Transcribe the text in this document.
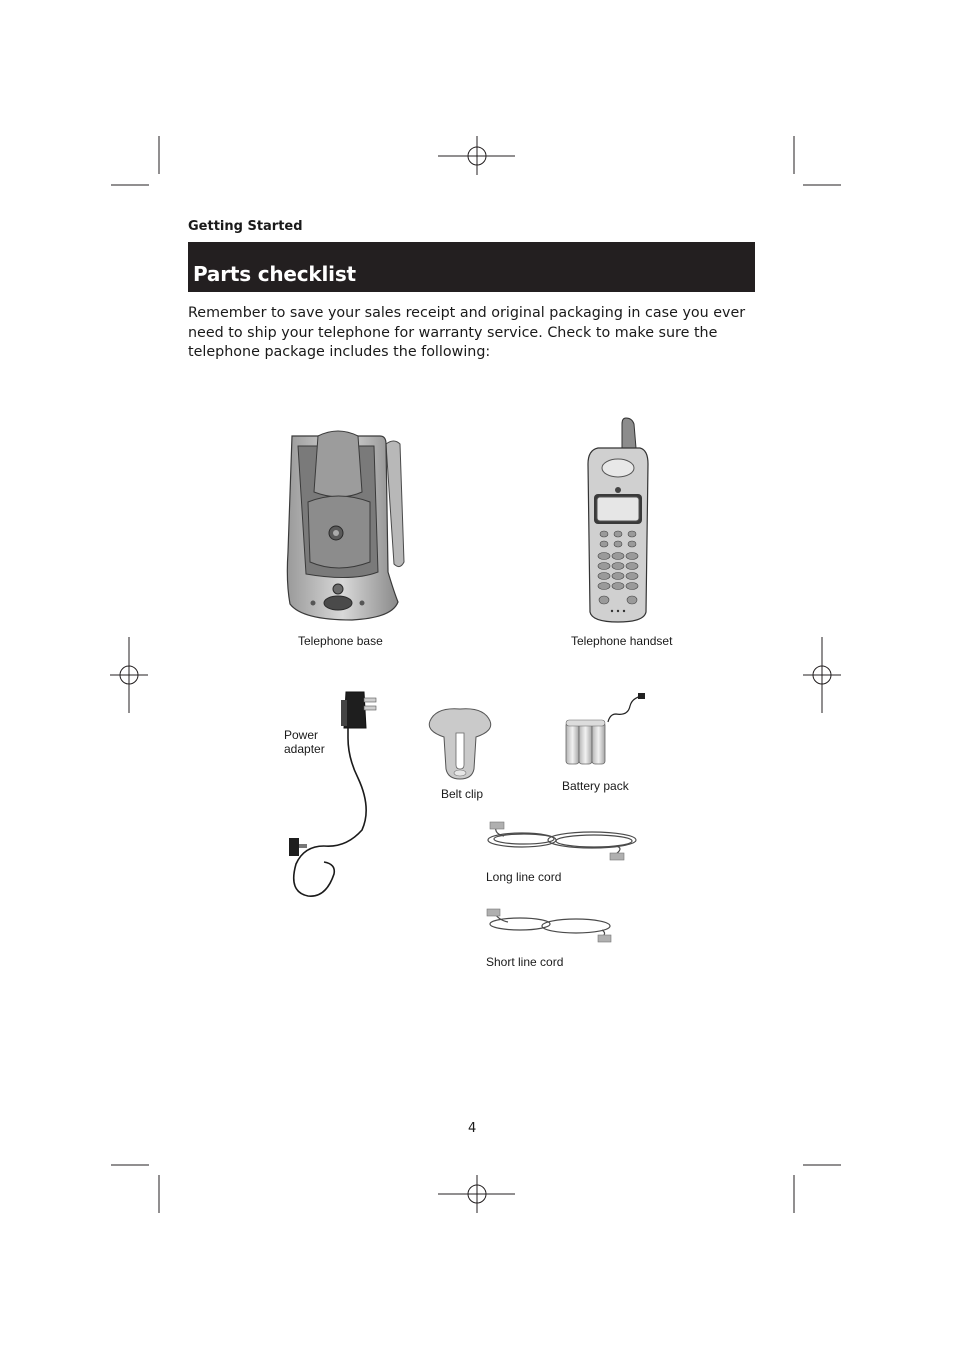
Getting Started
Parts checklist
Remember to save your sales receipt and original packaging in case you ever need to ship your telephone for warranty service. Check to make sure the telephone package includes the following:
Telephone base	Telephone handset
Power
adapter
Belt clip
Battery pack
Long line cord
Short line cord
4
